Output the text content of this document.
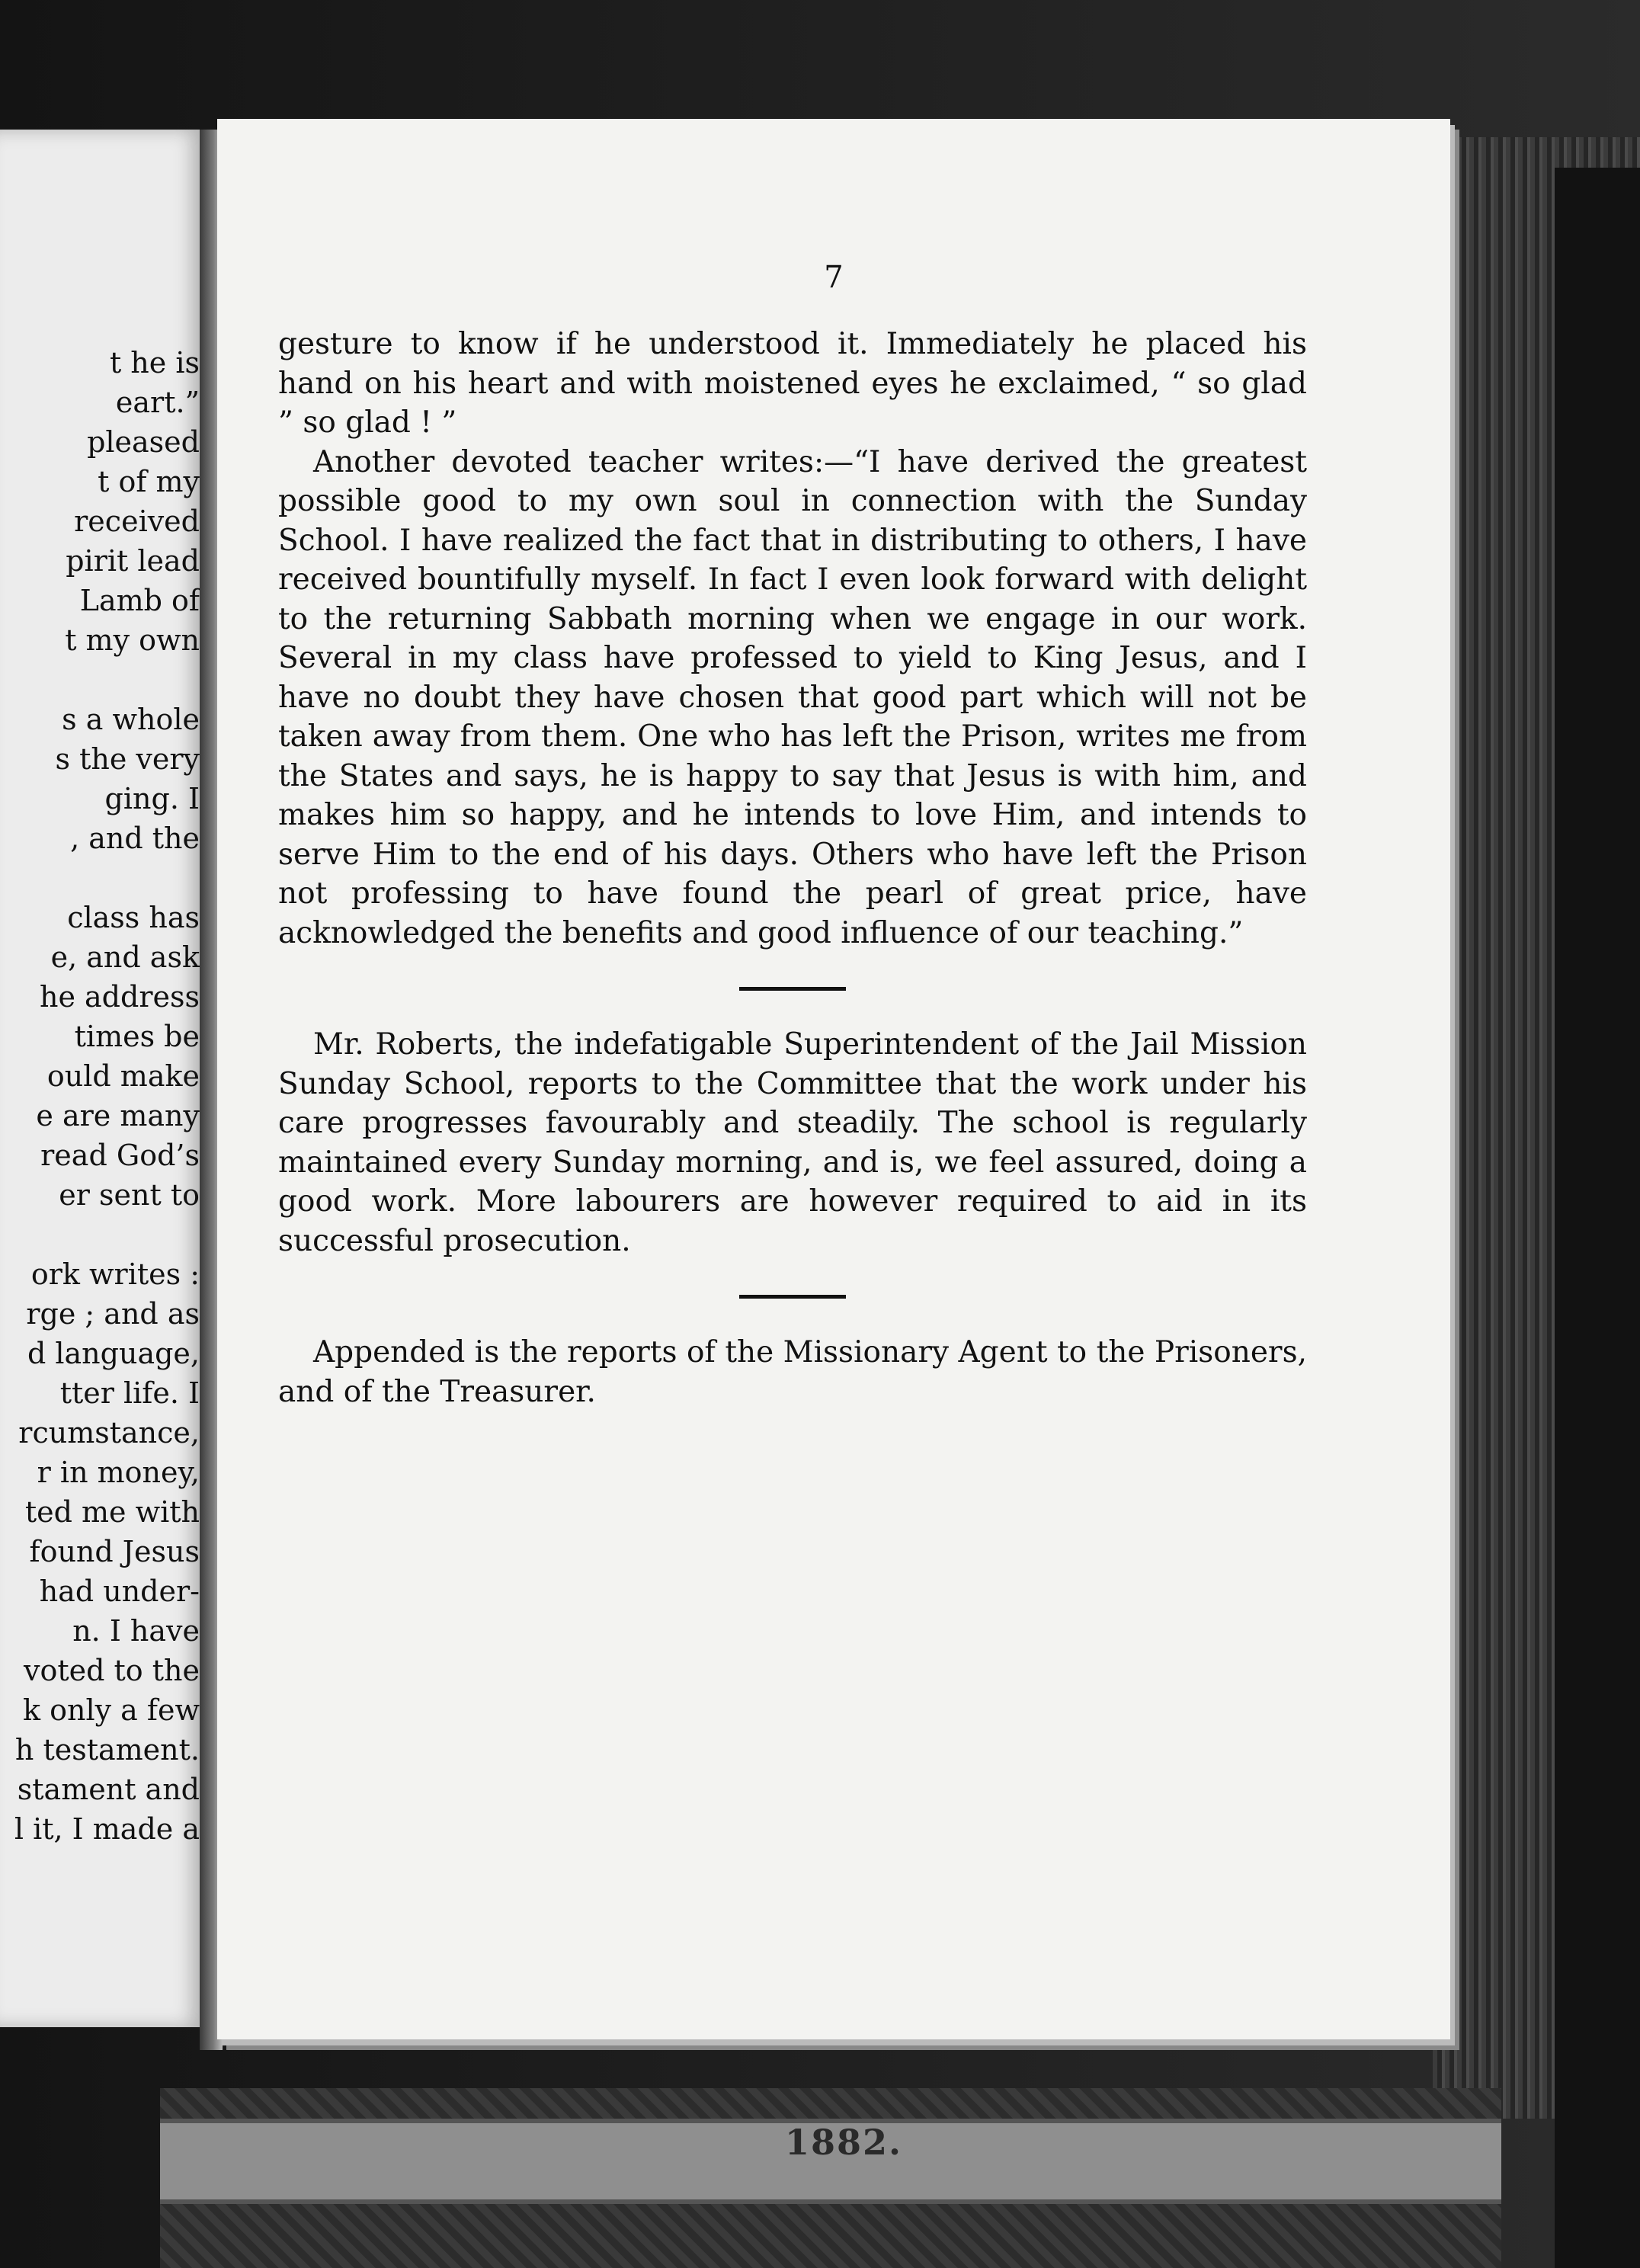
1882.
t he is
eart.”
pleased
t of my
received
pirit lead
Lamb of
t my own
s a whole
s the very
ging. I
, and the
class has
e, and ask
he address
times be
ould make
e are many
read God’s
er sent to
ork writes :
rge ; and as
d language,
tter life. I
rcumstance,
r in money,
ted me with
found Jesus
had under-
n. I have
voted to the
k only a few
h testament.
stament and
l it, I made a
7

gesture to know if he understood it. Immediately he placed his hand on his heart and with moistened eyes he exclaimed, “ so glad ” so glad ! ”

Another devoted teacher writes:—“I have derived the greatest possible good to my own soul in connection with the Sunday School. I have realized the fact that in distributing to others, I have received bountifully myself. In fact I even look forward with delight to the returning Sabbath morning when we engage in our work. Several in my class have professed to yield to King Jesus, and I have no doubt they have chosen that good part which will not be taken away from them. One who has left the Prison, writes me from the States and says, he is happy to say that Jesus is with him, and makes him so happy, and he intends to love Him, and intends to serve Him to the end of his days. Others who have left the Prison not professing to have found the pearl of great price, have acknowledged the benefits and good influence of our teaching.”

Mr. Roberts, the indefatigable Superintendent of the Jail Mission Sunday School, reports to the Committee that the work under his care progresses favourably and steadily. The school is regularly maintained every Sunday morning, and is, we feel assured, doing a good work. More labourers are however required to aid in its successful prosecution.

Appended is the reports of the Missionary Agent to the Prisoners, and of the Treasurer.
